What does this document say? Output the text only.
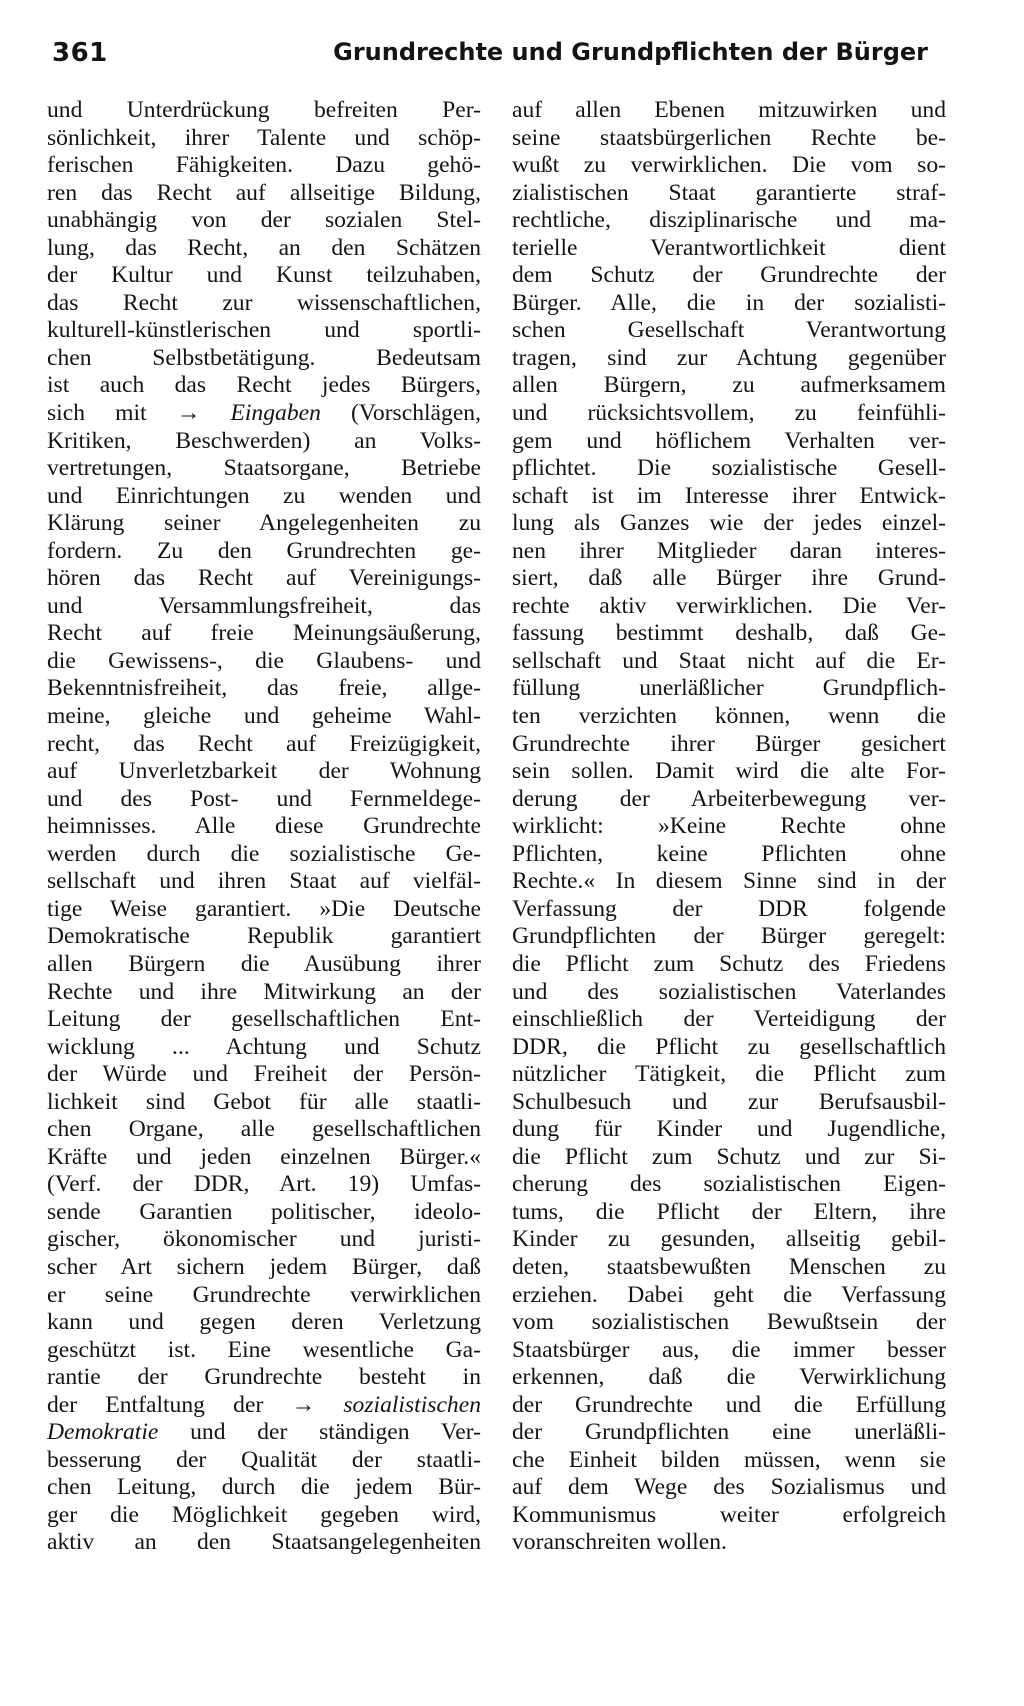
361	Grundrechte und Grundpflichten der Bürger
und Unterdrückung befreiten Per-
sönlichkeit, ihrer Talente und schöp-
ferischen Fähigkeiten. Dazu gehö-
ren das Recht auf allseitige Bildung,
unabhängig von der sozialen Stel-
lung, das Recht, an den Schätzen
der Kultur und Kunst teilzuhaben,
das Recht zur wissenschaftlichen,
kulturell-künstlerischen und sportli-
chen Selbstbetätigung. Bedeutsam
ist auch das Recht jedes Bürgers,
sich mit → Eingaben (Vorschlägen,
Kritiken, Beschwerden) an Volks-
vertretungen, Staatsorgane, Betriebe
und Einrichtungen zu wenden und
Klärung seiner Angelegenheiten zu
fordern. Zu den Grundrechten ge-
hören das Recht auf Vereinigungs-
und Versammlungsfreiheit, das
Recht auf freie Meinungsäußerung,
die Gewissens-, die Glaubens- und
Bekenntnisfreiheit, das freie, allge-
meine, gleiche und geheime Wahl-
recht, das Recht auf Freizügigkeit,
auf Unverletzbarkeit der Wohnung
und des Post- und Fernmeldege-
heimnisses. Alle diese Grundrechte
werden durch die sozialistische Ge-
sellschaft und ihren Staat auf vielfäl-
tige Weise garantiert. »Die Deutsche
Demokratische Republik garantiert
allen Bürgern die Ausübung ihrer
Rechte und ihre Mitwirkung an der
Leitung der gesellschaftlichen Ent-
wicklung ... Achtung und Schutz
der Würde und Freiheit der Persön-
lichkeit sind Gebot für alle staatli-
chen Organe, alle gesellschaftlichen
Kräfte und jeden einzelnen Bürger.«
(Verf. der DDR, Art. 19) Umfas-
sende Garantien politischer, ideolo-
gischer, ökonomischer und juristi-
scher Art sichern jedem Bürger, daß
er seine Grundrechte verwirklichen
kann und gegen deren Verletzung
geschützt ist. Eine wesentliche Ga-
rantie der Grundrechte besteht in
der Entfaltung der → sozialistischen
Demokratie und der ständigen Ver-
besserung der Qualität der staatli-
chen Leitung, durch die jedem Bür-
ger die Möglichkeit gegeben wird,
aktiv an den Staatsangelegenheiten
auf allen Ebenen mitzuwirken und
seine staatsbürgerlichen Rechte be-
wußt zu verwirklichen. Die vom so-
zialistischen Staat garantierte straf-
rechtliche, disziplinarische und ma-
terielle Verantwortlichkeit dient
dem Schutz der Grundrechte der
Bürger. Alle, die in der sozialisti-
schen Gesellschaft Verantwortung
tragen, sind zur Achtung gegenüber
allen Bürgern, zu aufmerksamem
und rücksichtsvollem, zu feinfühli-
gem und höflichem Verhalten ver-
pflichtet. Die sozialistische Gesell-
schaft ist im Interesse ihrer Entwick-
lung als Ganzes wie der jedes einzel-
nen ihrer Mitglieder daran interes-
siert, daß alle Bürger ihre Grund-
rechte aktiv verwirklichen. Die Ver-
fassung bestimmt deshalb, daß Ge-
sellschaft und Staat nicht auf die Er-
füllung unerläßlicher Grundpflich-
ten verzichten können, wenn die
Grundrechte ihrer Bürger gesichert
sein sollen. Damit wird die alte For-
derung der Arbeiterbewegung ver-
wirklicht: »Keine Rechte ohne
Pflichten, keine Pflichten ohne
Rechte.« In diesem Sinne sind in der
Verfassung der DDR folgende
Grundpflichten der Bürger geregelt:
die Pflicht zum Schutz des Friedens
und des sozialistischen Vaterlandes
einschließlich der Verteidigung der
DDR, die Pflicht zu gesellschaftlich
nützlicher Tätigkeit, die Pflicht zum
Schulbesuch und zur Berufsausbil-
dung für Kinder und Jugendliche,
die Pflicht zum Schutz und zur Si-
cherung des sozialistischen Eigen-
tums, die Pflicht der Eltern, ihre
Kinder zu gesunden, allseitig gebil-
deten, staatsbewußten Menschen zu
erziehen. Dabei geht die Verfassung
vom sozialistischen Bewußtsein der
Staatsbürger aus, die immer besser
erkennen, daß die Verwirklichung
der Grundrechte und die Erfüllung
der Grundpflichten eine unerläßli-
che Einheit bilden müssen, wenn sie
auf dem Wege des Sozialismus und
Kommunismus weiter erfolgreich
voranschreiten wollen.
